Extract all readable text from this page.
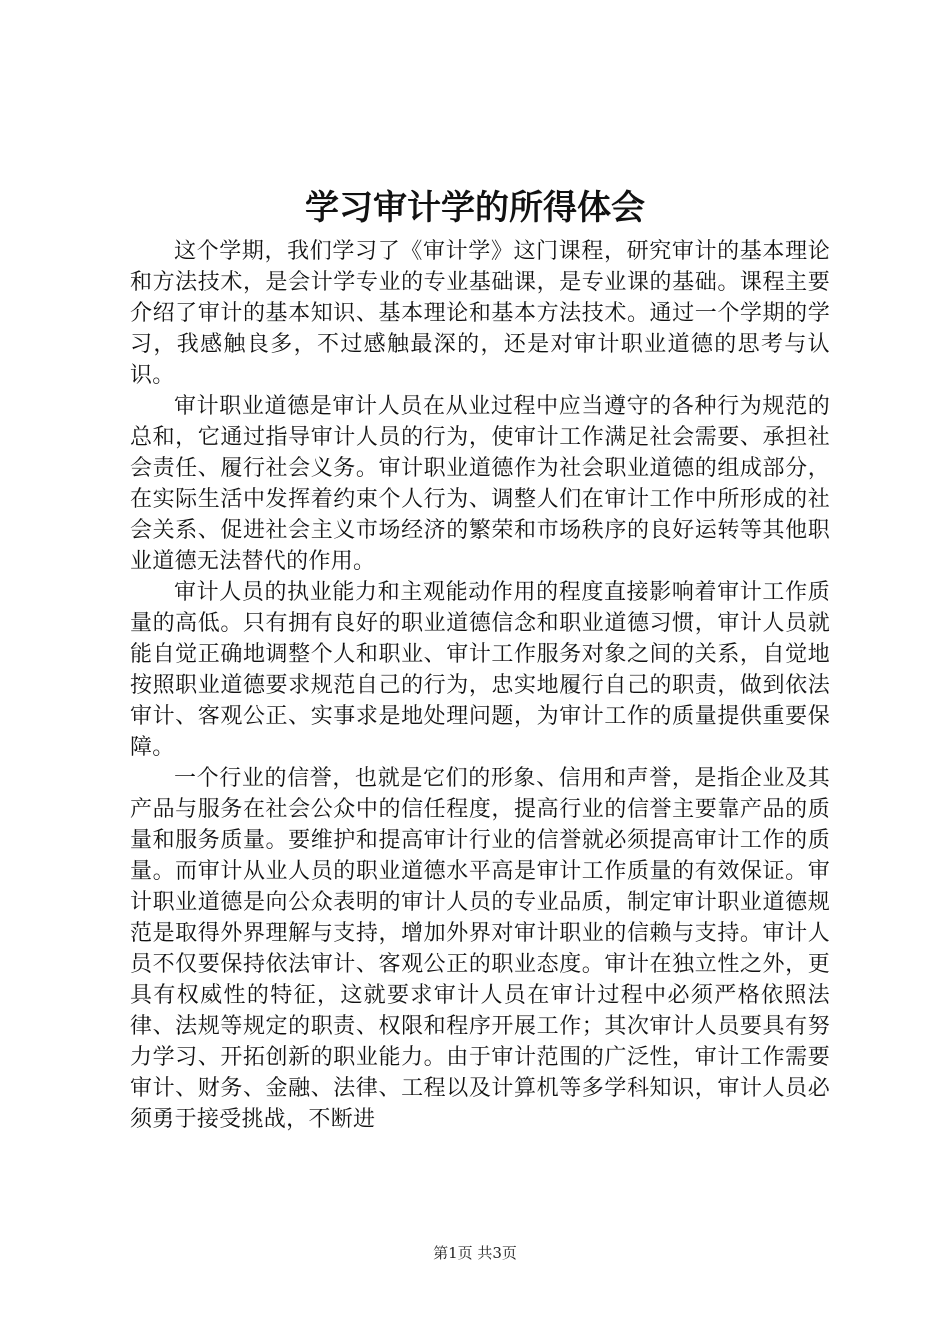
学习审计学的所得体会

这个学期，我们学习了《审计学》这门课程，研究审计的基本理论和方法技术，是会计学专业的专业基础课，是专业课的基础。课程主要介绍了审计的基本知识、基本理论和基本方法技术。通过一个学期的学习，我感触良多，不过感触最深的，还是对审计职业道德的思考与认识。

审计职业道德是审计人员在从业过程中应当遵守的各种行为规范的总和，它通过指导审计人员的行为，使审计工作满足社会需要、承担社会责任、履行社会义务。审计职业道德作为社会职业道德的组成部分，在实际生活中发挥着约束个人行为、调整人们在审计工作中所形成的社会关系、促进社会主义市场经济的繁荣和市场秩序的良好运转等其他职业道德无法替代的作用。

审计人员的执业能力和主观能动作用的程度直接影响着审计工作质量的高低。只有拥有良好的职业道德信念和职业道德习惯，审计人员就能自觉正确地调整个人和职业、审计工作服务对象之间的关系，自觉地按照职业道德要求规范自己的行为，忠实地履行自己的职责，做到依法审计、客观公正、实事求是地处理问题，为审计工作的质量提供重要保障。

一个行业的信誉，也就是它们的形象、信用和声誉，是指企业及其产品与服务在社会公众中的信任程度，提高行业的信誉主要靠产品的质量和服务质量。要维护和提高审计行业的信誉就必须提高审计工作的质量。而审计从业人员的职业道德水平高是审计工作质量的有效保证。审计职业道德是向公众表明的审计人员的专业品质，制定审计职业道德规范是取得外界理解与支持，增加外界对审计职业的信赖与支持。审计人员不仅要保持依法审计、客观公正的职业态度。审计在独立性之外，更具有权威性的特征，这就要求审计人员在审计过程中必须严格依照法律、法规等规定的职责、权限和程序开展工作；其次审计人员要具有努力学习、开拓创新的职业能力。由于审计范围的广泛性，审计工作需要审计、财务、金融、法律、工程以及计算机等多学科知识，审计人员必须勇于接受挑战，不断进

第1页 共3页
